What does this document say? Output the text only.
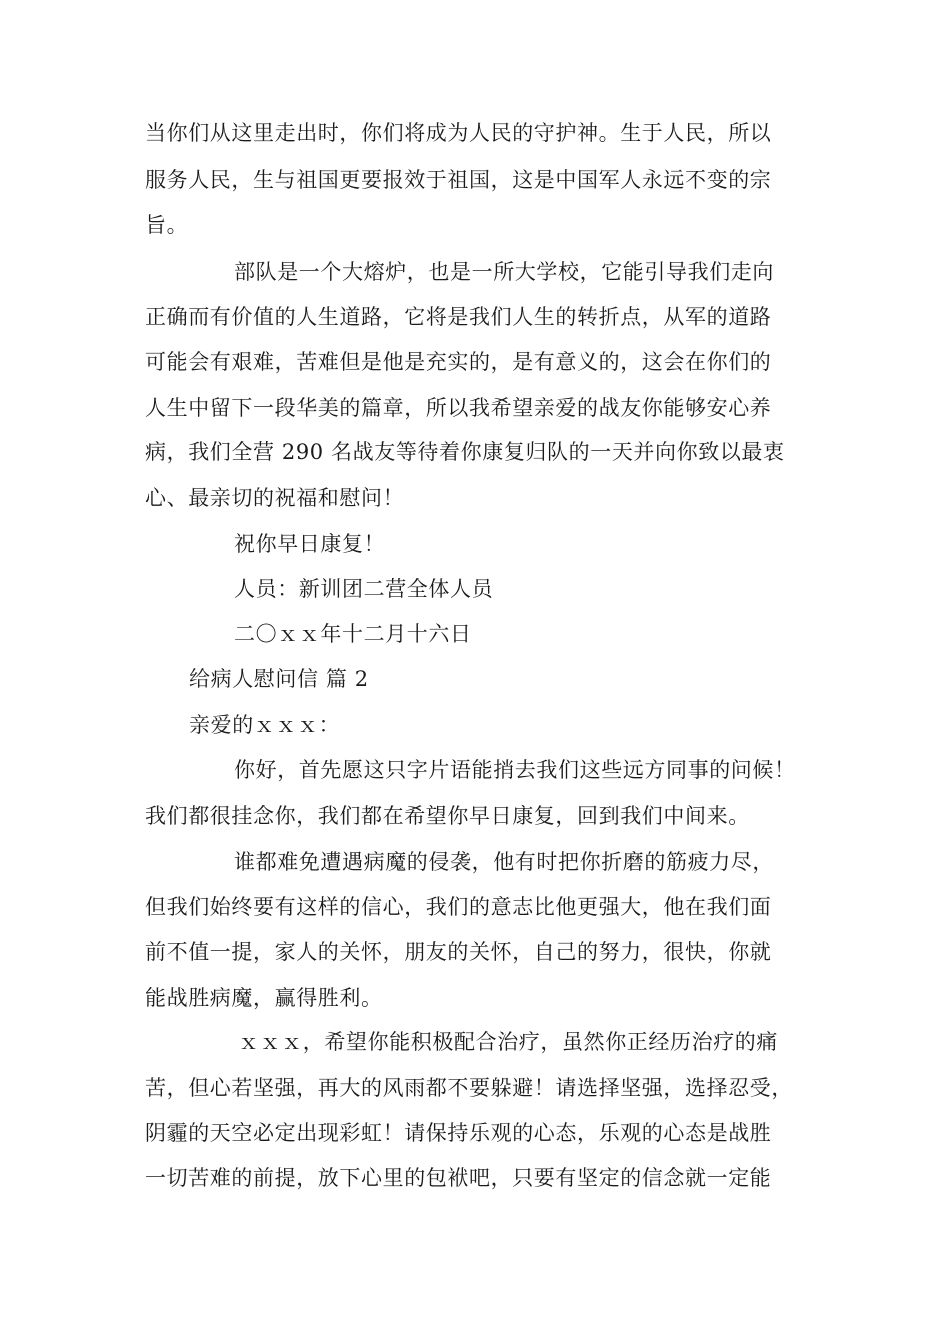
当你们从这里走出时，你们将成为人民的守护神。生于人民，所以
服务人民，生与祖国更要报效于祖国，这是中国军人永远不变的宗
旨。
部队是一个大熔炉，也是一所大学校，它能引导我们走向
正确而有价值的人生道路，它将是我们人生的转折点，从军的道路
可能会有艰难，苦难但是他是充实的，是有意义的，这会在你们的
人生中留下一段华美的篇章，所以我希望亲爱的战友你能够安心养
病，我们全营 290 名战友等待着你康复归队的一天并向你致以最衷
心、最亲切的祝福和慰问！
祝你早日康复！
人员：新训团二营全体人员
二〇ｘｘ年十二月十六日
给病人慰问信 篇 2
亲爱的ｘｘｘ：
你好，首先愿这只字片语能捎去我们这些远方同事的问候！
我们都很挂念你，我们都在希望你早日康复，回到我们中间来。
谁都难免遭遇病魔的侵袭，他有时把你折磨的筋疲力尽，
但我们始终要有这样的信心，我们的意志比他更强大，他在我们面
前不值一提，家人的关怀，朋友的关怀，自己的努力，很快，你就
能战胜病魔，赢得胜利。
ｘｘｘ，希望你能积极配合治疗，虽然你正经历治疗的痛
苦，但心若坚强，再大的风雨都不要躲避！请选择坚强，选择忍受，
阴霾的天空必定出现彩虹！请保持乐观的心态，乐观的心态是战胜
一切苦难的前提，放下心里的包袱吧，只要有坚定的信念就一定能
